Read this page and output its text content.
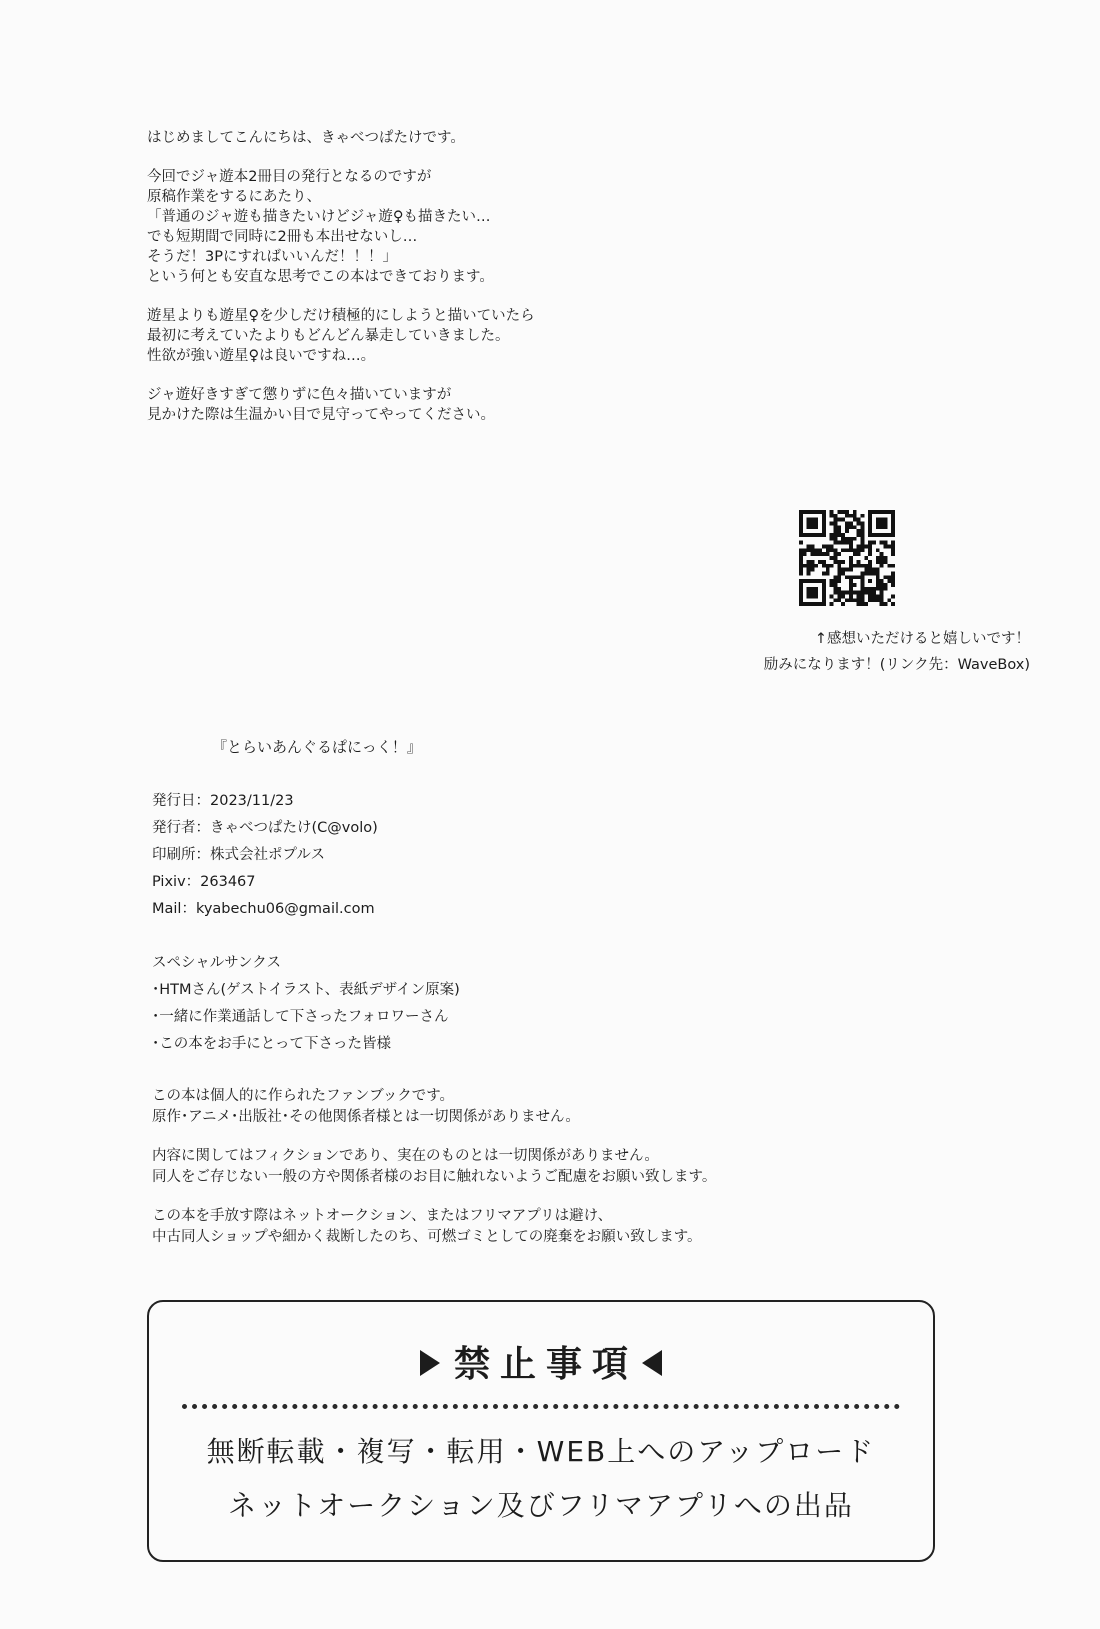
はじめましてこんにちは、きゃべつぱたけです。
今回でジャ遊本2冊目の発行となるのですが
原稿作業をするにあたり、
「普通のジャ遊も描きたいけどジャ遊♀も描きたい…
でも短期間で同時に2冊も本出せないし…
そうだ！3Pにすればいいんだ！！！」
という何とも安直な思考でこの本はできております。
遊星よりも遊星♀を少しだけ積極的にしようと描いていたら
最初に考えていたよりもどんどん暴走していきました。
性欲が強い遊星♀は良いですね…。
ジャ遊好きすぎて懲りずに色々描いていますが
見かけた際は生温かい目で見守ってやってください。
↑感想いただけると嬉しいです！
励みになります！(リンク先：WaveBox)
『とらいあんぐるぱにっく！』
発行日：2023/11/23
発行者：きゃべつぱたけ(C@volo)
印刷所：株式会社ポプルス
Pixiv：263467
Mail：kyabechu06@gmail.com
スペシャルサンクス
･HTMさん(ゲストイラスト、表紙デザイン原案)
･一緒に作業通話して下さったフォロワーさん
･この本をお手にとって下さった皆様
この本は個人的に作られたファンブックです。
原作･アニメ･出版社･その他関係者様とは一切関係がありません。
内容に関してはフィクションであり、実在のものとは一切関係がありません。
同人をご存じない一般の方や関係者様のお目に触れないようご配慮をお願い致します。
この本を手放す際はネットオークション、またはフリマアプリは避け、
中古同人ショップや細かく裁断したのち、可燃ゴミとしての廃棄をお願い致します。
禁止事項
無断転載・複写・転用・WEB上へのアップロード
ネットオークション及びフリマアプリへの出品
